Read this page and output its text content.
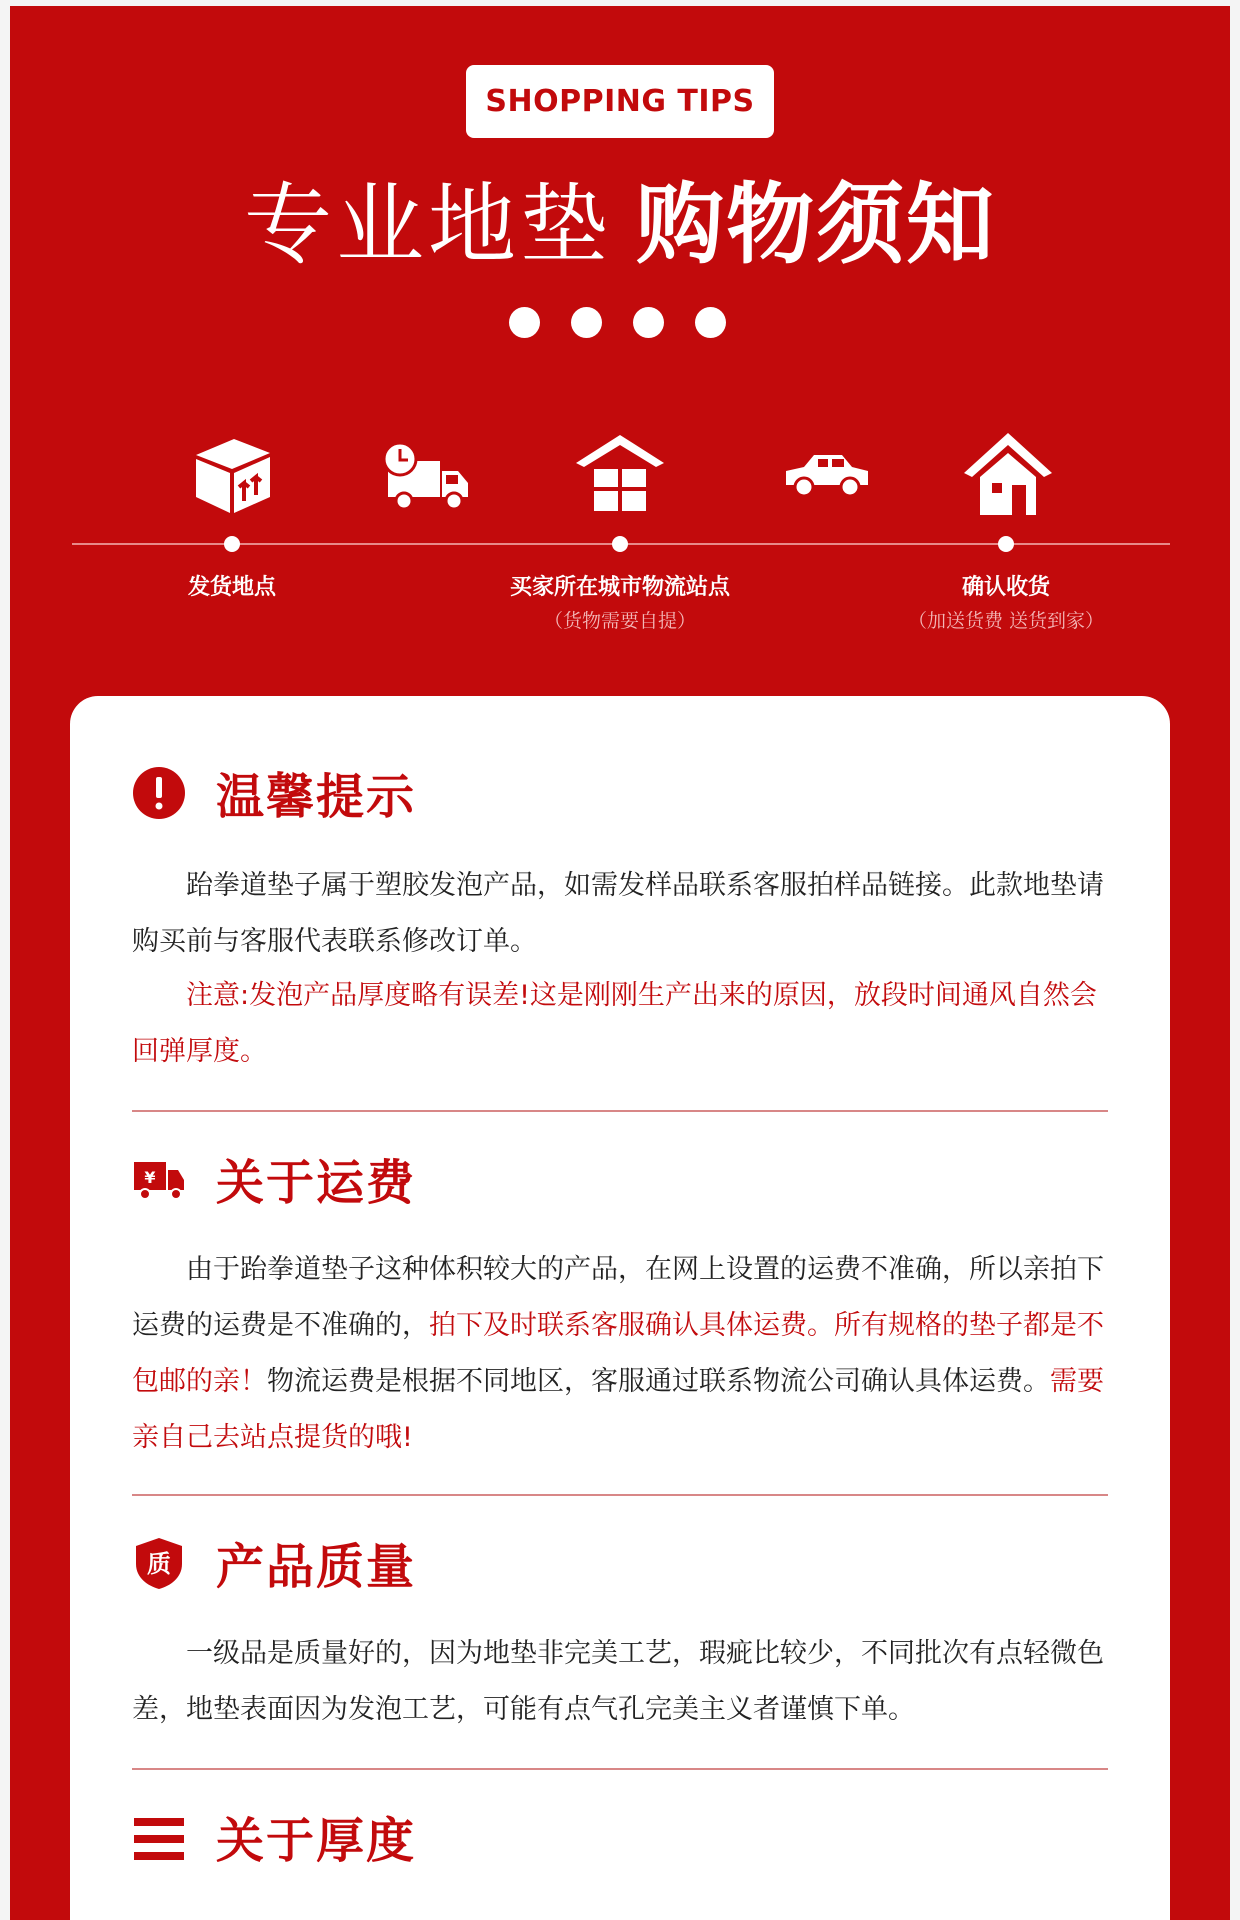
SHOPPING TIPS
专业地垫 购物须知
发货地点	买家所在城市物流站点
（货物需要自提）
确认收货
（加送货费 送货到家）
温馨提示
跆拳道垫子属于塑胶发泡产品，如需发样品联系客服拍样品链接。此款地垫请购买前与客服代表联系修改订单。
注意:发泡产品厚度略有误差!这是刚刚生产出来的原因，放段时间通风自然会回弹厚度。
¥ 关于运费
由于跆拳道垫子这种体积较大的产品，在网上设置的运费不准确，所以亲拍下运费的运费是不准确的，拍下及时联系客服确认具体运费。所有规格的垫子都是不包邮的亲！物流运费是根据不同地区，客服通过联系物流公司确认具体运费。需要亲自己去站点提货的哦!
质 产品质量
一级品是质量好的，因为地垫非完美工艺，瑕疵比较少，不同批次有点轻微色差，地垫表面因为发泡工艺，可能有点气孔完美主义者谨慎下单。
关于厚度
